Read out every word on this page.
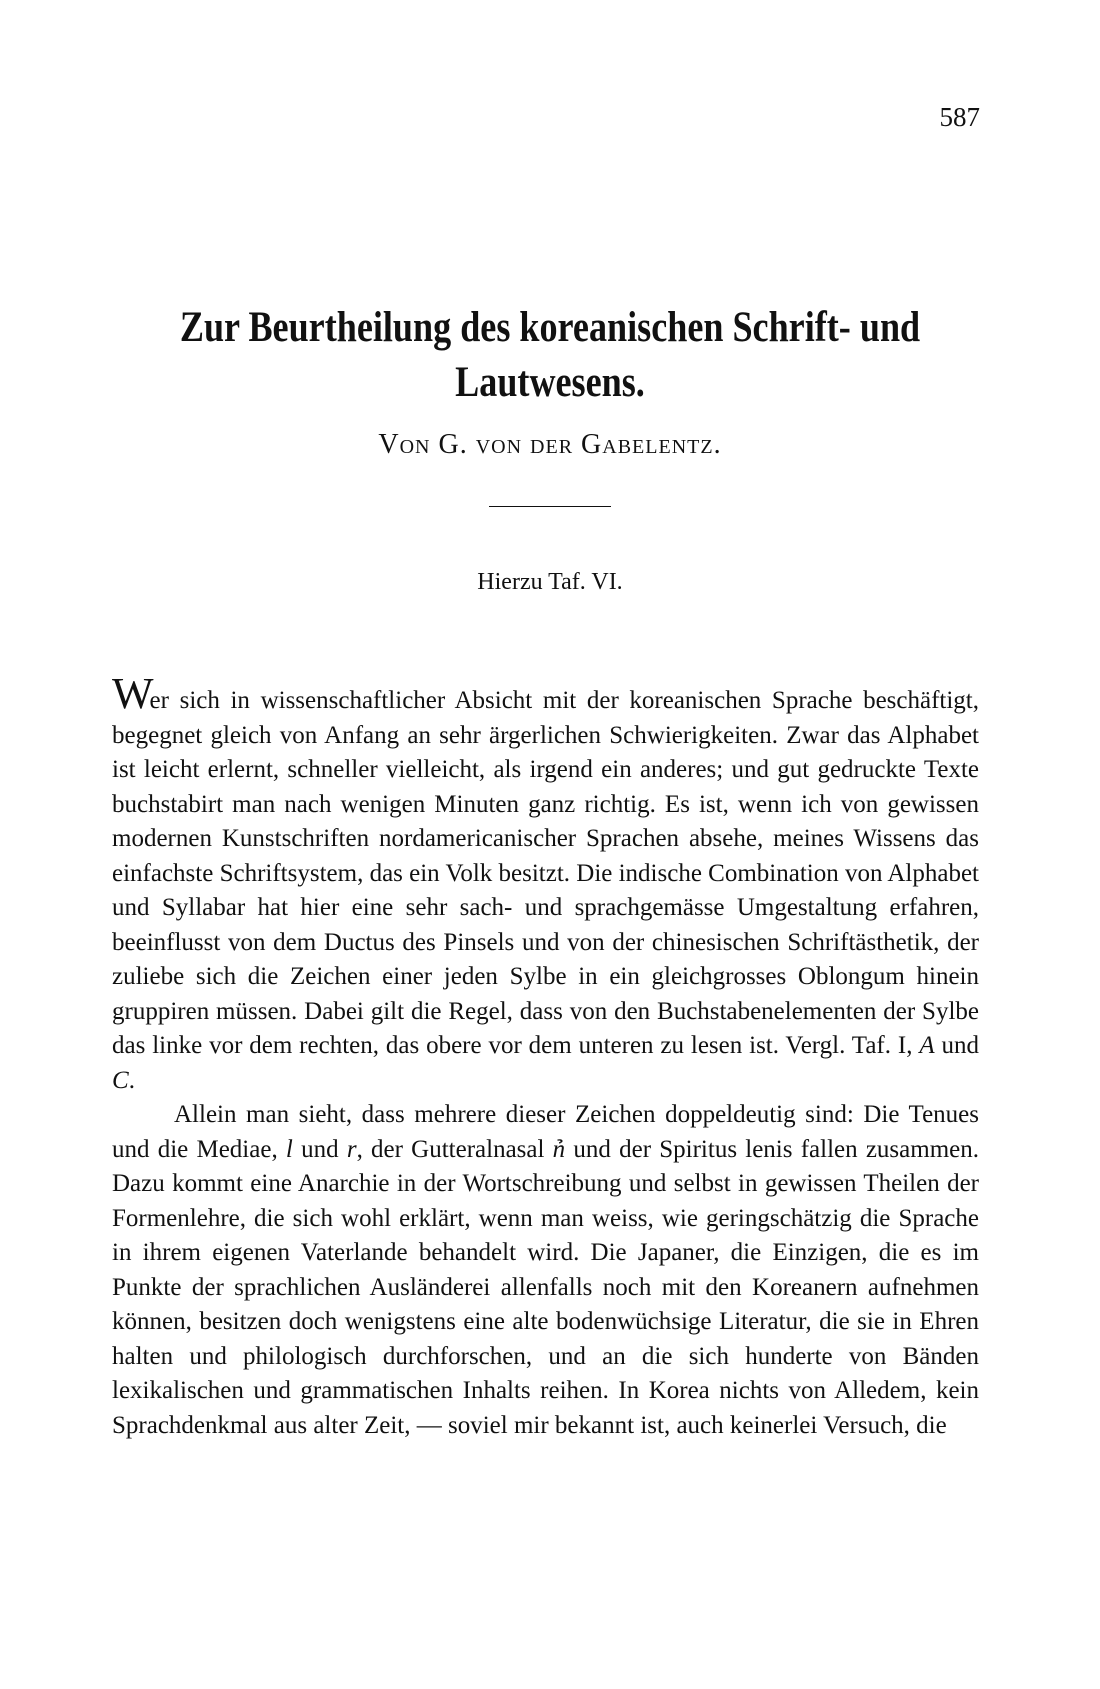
587
Zur Beurtheilung des koreanischen Schrift- und Lautwesens.
Von G. von der Gabelentz.
Hierzu Taf. VI.

Wer sich in wissenschaftlicher Absicht mit der koreanischen Sprache beschäftigt, begegnet gleich von Anfang an sehr ärgerlichen Schwierigkeiten. Zwar das Alphabet ist leicht erlernt, schneller vielleicht, als irgend ein anderes; und gut gedruckte Texte buchstabirt man nach wenigen Minuten ganz richtig. Es ist, wenn ich von gewissen modernen Kunstschriften nordamericanischer Sprachen absehe, meines Wissens das einfachste Schriftsystem, das ein Volk besitzt. Die indische Combination von Alphabet und Syllabar hat hier eine sehr sach- und sprachgemässe Umgestaltung erfahren, beeinflusst von dem Ductus des Pinsels und von der chinesischen Schriftästhetik, der zuliebe sich die Zeichen einer jeden Sylbe in ein gleichgrosses Oblongum hinein gruppiren müssen. Dabei gilt die Regel, dass von den Buchstabenelementen der Sylbe das linke vor dem rechten, das obere vor dem unteren zu lesen ist. Vergl. Taf. I, A und C.

Allein man sieht, dass mehrere dieser Zeichen doppeldeutig sind: Die Tenues und die Mediae, l und r, der Gutteralnasal n̉ und der Spiritus lenis fallen zusammen. Dazu kommt eine Anarchie in der Wortschreibung und selbst in gewissen Theilen der Formenlehre, die sich wohl erklärt, wenn man weiss, wie geringschätzig die Sprache in ihrem eigenen Vaterlande behandelt wird. Die Japaner, die Einzigen, die es im Punkte der sprachlichen Ausländerei allenfalls noch mit den Koreanern aufnehmen können, besitzen doch wenigstens eine alte bodenwüchsige Literatur, die sie in Ehren halten und philologisch durchforschen, und an die sich hunderte von Bänden lexikalischen und grammatischen Inhalts reihen. In Korea nichts von Alledem, kein Sprachdenkmal aus alter Zeit, — soviel mir bekannt ist, auch keinerlei Versuch, die
